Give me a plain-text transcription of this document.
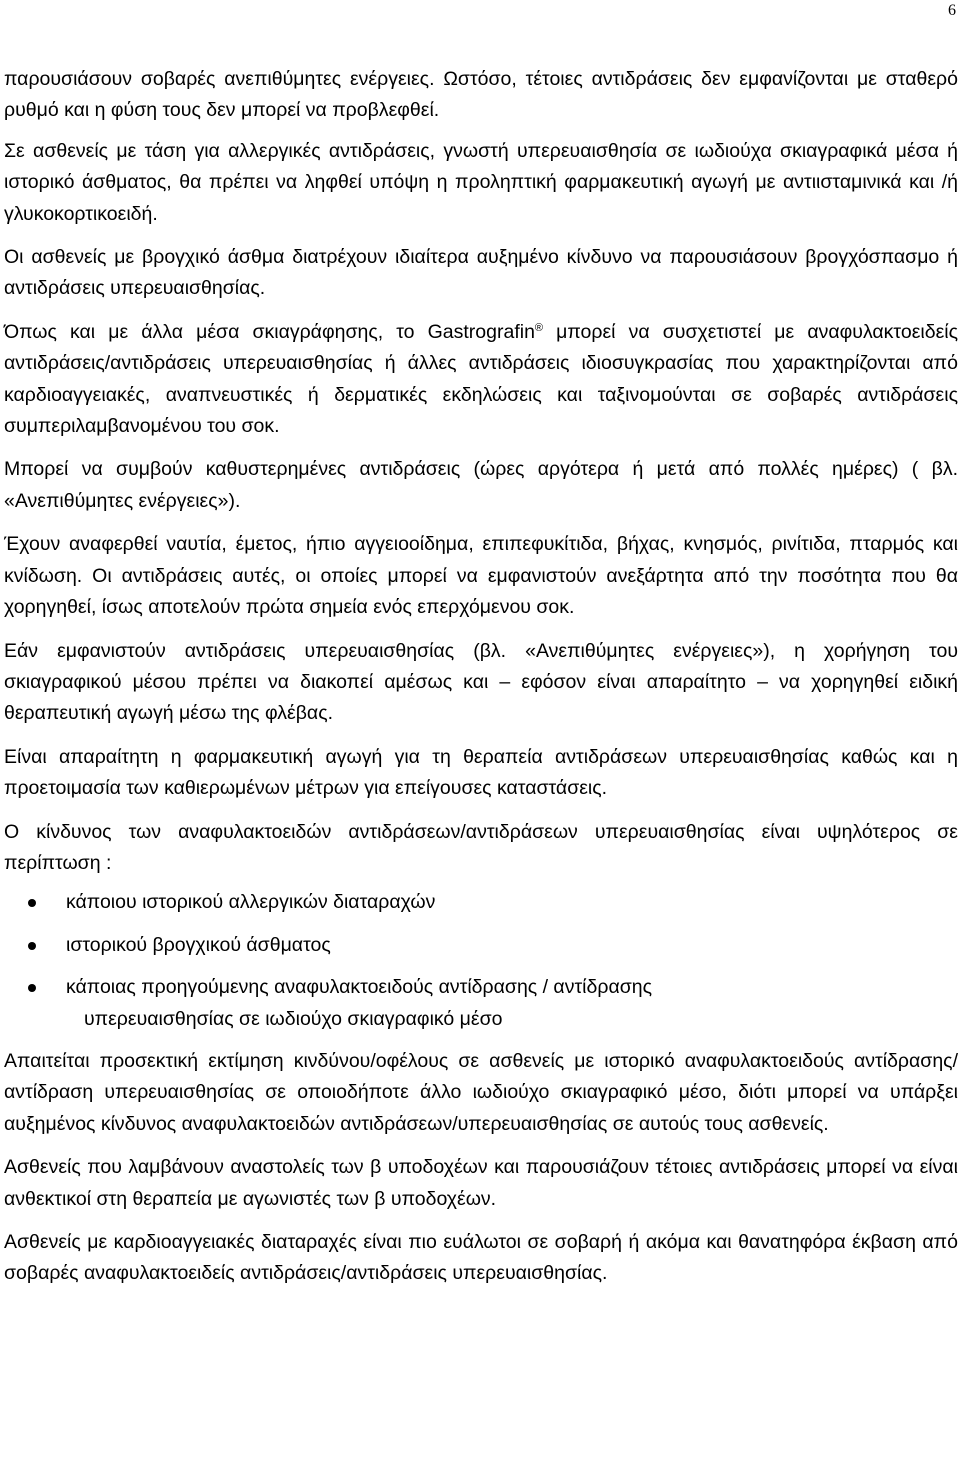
6

παρουσιάσουν σοβαρές ανεπιθύμητες ενέργειες. Ωστόσο, τέτοιες αντιδράσεις δεν εμφανίζονται με σταθερό ρυθμό και η φύση τους δεν μπορεί να προβλεφθεί.

Σε ασθενείς με τάση για αλλεργικές αντιδράσεις, γνωστή υπερευαισθησία σε ιωδιούχα σκιαγραφικά μέσα ή ιστορικό άσθματος, θα πρέπει να ληφθεί υπόψη η προληπτική φαρμακευτική αγωγή με αντιισταμινικά και /ή γλυκοκορτικοειδή.

Οι ασθενείς με βρογχικό άσθμα διατρέχουν ιδιαίτερα αυξημένο κίνδυνο να παρουσιάσουν βρογχόσπασμο ή αντιδράσεις υπερευαισθησίας.

Όπως και με άλλα μέσα σκιαγράφησης, το Gastrografin® μπορεί να συσχετιστεί με αναφυλακτοειδείς αντιδράσεις/αντιδράσεις υπερευαισθησίας ή άλλες αντιδράσεις ιδιοσυγκρασίας που χαρακτηρίζονται από καρδιοαγγειακές, αναπνευστικές ή δερματικές εκδηλώσεις και ταξινομούνται σε σοβαρές αντιδράσεις συμπεριλαμβανομένου του σοκ.

Μπορεί να συμβούν καθυστερημένες αντιδράσεις (ώρες αργότερα ή μετά από πολλές ημέρες) ( βλ. «Ανεπιθύμητες ενέργειες»).

Έχουν αναφερθεί ναυτία, έμετος, ήπιο αγγειοοίδημα, επιπεφυκίτιδα, βήχας, κνησμός, ρινίτιδα, πταρμός και κνίδωση. Οι αντιδράσεις αυτές, οι οποίες μπορεί να εμφανιστούν ανεξάρτητα από την ποσότητα που θα χορηγηθεί, ίσως αποτελούν πρώτα σημεία ενός επερχόμενου σοκ.

Εάν εμφανιστούν αντιδράσεις υπερευαισθησίας (βλ. «Ανεπιθύμητες ενέργειες»), η χορήγηση του σκιαγραφικού μέσου πρέπει να διακοπεί αμέσως και – εφόσον είναι απαραίτητο – να χορηγηθεί ειδική θεραπευτική αγωγή μέσω της φλέβας.

Είναι απαραίτητη η φαρμακευτική αγωγή για τη θεραπεία αντιδράσεων υπερευαισθησίας καθώς και η προετοιμασία των καθιερωμένων μέτρων για επείγουσες καταστάσεις.

Ο κίνδυνος των αναφυλακτοειδών αντιδράσεων/αντιδράσεων υπερευαισθησίας είναι υψηλότερος σε περίπτωση :

κάποιου ιστορικού αλλεργικών διαταραχών
ιστορικού βρογχικού άσθματος
κάποιας προηγούμενης αναφυλακτοειδούς αντίδρασης / αντίδρασης
υπερευαισθησίας σε ιωδιούχο σκιαγραφικό μέσο

Απαιτείται προσεκτική εκτίμηση κινδύνου/οφέλους σε ασθενείς με ιστορικό αναφυλακτοειδούς αντίδρασης/αντίδραση υπερευαισθησίας σε οποιοδήποτε άλλο ιωδιούχο σκιαγραφικό μέσο, διότι μπορεί να υπάρξει αυξημένος κίνδυνος αναφυλακτοειδών αντιδράσεων/υπερευαισθησίας σε αυτούς τους ασθενείς.

Ασθενείς που λαμβάνουν αναστολείς των β υποδοχέων και παρουσιάζουν τέτοιες αντιδράσεις μπορεί να είναι ανθεκτικοί στη θεραπεία με αγωνιστές των β υποδοχέων.

Ασθενείς με καρδιοαγγειακές διαταραχές είναι πιο ευάλωτοι σε σοβαρή ή ακόμα και θανατηφόρα έκβαση από σοβαρές αναφυλακτοειδείς αντιδράσεις/αντιδράσεις υπερευαισθησίας.
